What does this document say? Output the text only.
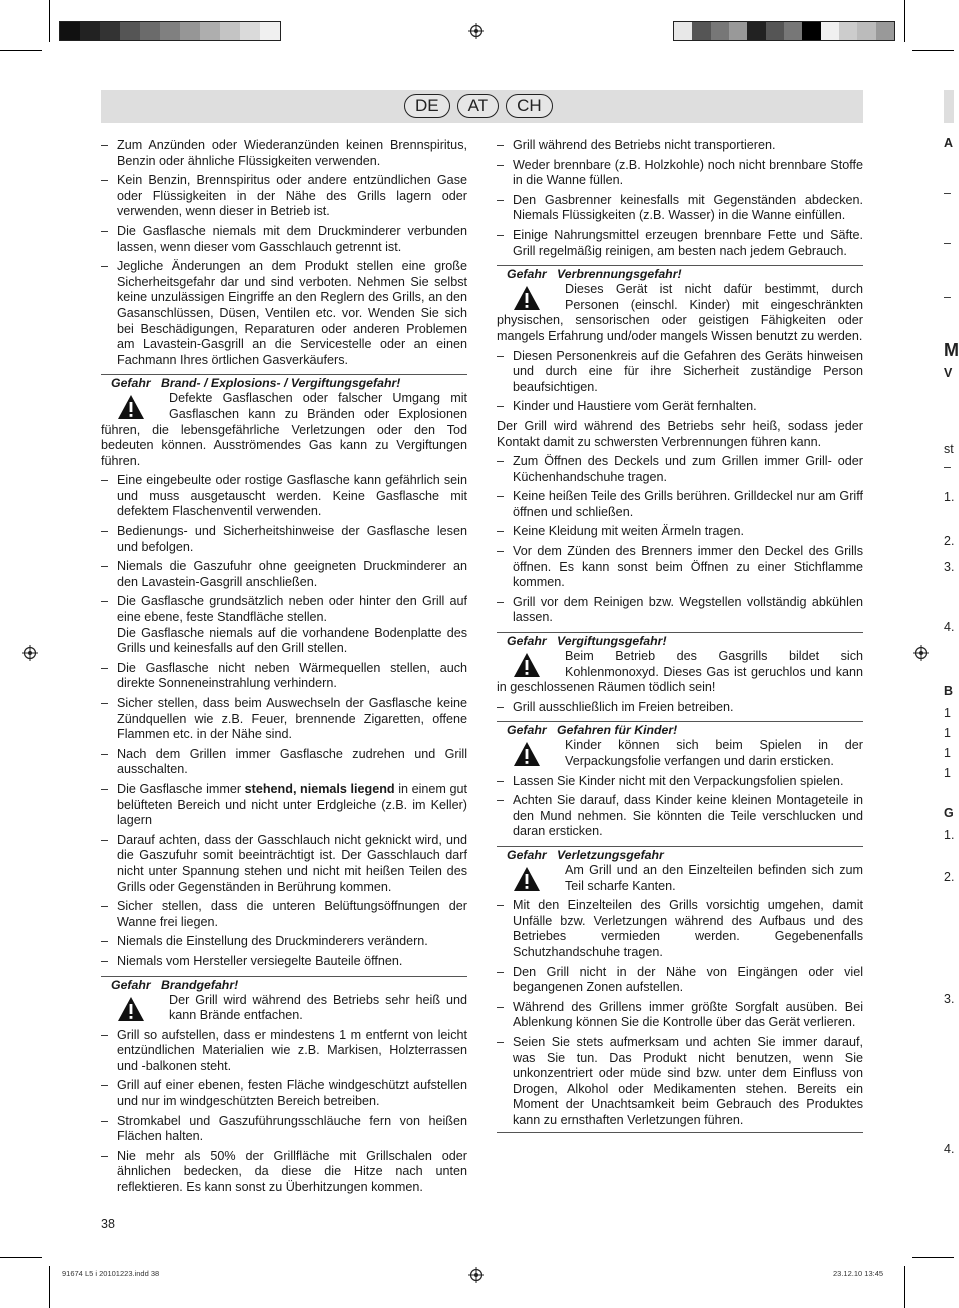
DE	AT	CH
– Zum Anzünden oder Wiederanzünden keinen Brennspiritus, Benzin oder ähnliche Flüssigkeiten verwenden.
– Kein Benzin, Brennspiritus oder andere entzündlichen Gase oder Flüssigkeiten in der Nähe des Grills lagern oder verwenden, wenn dieser in Betrieb ist.
– Die Gasflasche niemals mit dem Druckminderer verbunden lassen, wenn dieser vom Gasschlauch getrennt ist.
– Jegliche Änderungen an dem Produkt stellen eine große Sicherheitsgefahr dar und sind verboten. Nehmen Sie selbst keine unzulässigen Eingriffe an den Reglern des Grills, an den Gasanschlüssen, Düsen, Ventilen etc. vor. Wenden Sie sich bei Beschädigungen, Reparaturen oder anderen Problemen am Lavastein-Gasgrill an die Servicestelle oder an einen Fachmann Ihres örtlichen Gasverkäufers.
Gefahr Brand- / Explosions- / Vergiftungsgefahr!
Defekte Gasflaschen oder falscher Umgang mit Gasflaschen kann zu Bränden oder Explosionen führen, die lebensgefährliche Verletzungen oder den Tod bedeuten können. Ausströmendes Gas kann zu Vergiftungen führen.
– Eine eingebeulte oder rostige Gasflasche kann gefährlich sein und muss ausgetauscht werden. Keine Gasflasche mit defektem Flaschenventil verwenden.
– Bedienungs- und Sicherheitshinweise der Gasflasche lesen und befolgen.
– Niemals die Gaszufuhr ohne geeigneten Druckminderer an den Lavastein-Gasgrill anschließen.
– Die Gasflasche grundsätzlich neben oder hinter den Grill auf eine ebene, feste Standfläche stellen.
Die Gasflasche niemals auf die vorhandene Bodenplatte des Grills und keinesfalls auf den Grill stellen.
– Die Gasflasche nicht neben Wärmequellen stellen, auch direkte Sonneneinstrahlung verhindern.
– Sicher stellen, dass beim Auswechseln der Gasflasche keine Zündquellen wie z.B. Feuer, brennende Zigaretten, offene Flammen etc. in der Nähe sind.
– Nach dem Grillen immer Gasflasche zudrehen und Grill ausschalten.
– Die Gasflasche immer stehend, niemals liegend in einem gut belüfteten Bereich und nicht unter Erdgleiche (z.B. im Keller) lagern
– Darauf achten, dass der Gasschlauch nicht geknickt wird, und die Gaszufuhr somit beeinträchtigt ist. Der Gasschlauch darf nicht unter Spannung stehen und nicht mit heißen Teilen des Grills oder Gegenständen in Berührung kommen.
– Sicher stellen, dass die unteren Belüftungsöffnungen der Wanne frei liegen.
– Niemals die Einstellung des Druckminderers verändern.
– Niemals vom Hersteller versiegelte Bauteile öffnen.
Gefahr Brandgefahr!
Der Grill wird während des Betriebs sehr heiß und kann Brände entfachen.
– Grill so aufstellen, dass er mindestens 1 m entfernt von leicht entzündlichen Materialien wie z.B. Markisen, Holzterrassen und -balkonen steht.
– Grill auf einer ebenen, festen Fläche windgeschützt aufstellen und nur im windgeschützten Bereich betreiben.
– Stromkabel und Gaszuführungsschläuche fern von heißen Flächen halten.
– Nie mehr als 50% der Grillfläche mit Grillschalen oder ähnlichen bedecken, da diese die Hitze nach unten reflektieren. Es kann sonst zu Überhitzungen kommen.
– Grill während des Betriebs nicht transportieren.
– Weder brennbare (z.B. Holzkohle) noch nicht brennbare Stoffe in die Wanne füllen.
– Den Gasbrenner keinesfalls mit Gegenständen abdecken. Niemals Flüssigkeiten (z.B. Wasser) in die Wanne einfüllen.
– Einige Nahrungsmittel erzeugen brennbare Fette und Säfte. Grill regelmäßig reinigen, am besten nach jedem Gebrauch.
Gefahr Verbrennungsgefahr!
Dieses Gerät ist nicht dafür bestimmt, durch Personen (einschl. Kinder) mit eingeschränkten physischen, sensorischen oder geistigen Fähigkeiten oder mangels Erfahrung und/oder mangels Wissen benutzt zu werden.
– Diesen Personenkreis auf die Gefahren des Geräts hinweisen und durch eine für ihre Sicherheit zuständige Person beaufsichtigen.
– Kinder und Haustiere vom Gerät fernhalten.
Der Grill wird während des Betriebs sehr heiß, sodass jeder Kontakt damit zu schwersten Verbrennungen führen kann.
– Zum Öffnen des Deckels und zum Grillen immer Grill- oder Küchenhandschuhe tragen.
– Keine heißen Teile des Grills berühren. Grilldeckel nur am Griff öffnen und schließen.
– Keine Kleidung mit weiten Ärmeln tragen.
– Vor dem Zünden des Brenners immer den Deckel des Grills öffnen. Es kann sonst beim Öffnen zu einer Stichflamme kommen.
– Grill vor dem Reinigen bzw. Wegstellen vollständig abkühlen lassen.
Gefahr Vergiftungsgefahr!
Beim Betrieb des Gasgrills bildet sich Kohlenmonoxyd. Dieses Gas ist geruchlos und kann in geschlossenen Räumen tödlich sein!
– Grill ausschließlich im Freien betreiben.
Gefahr Gefahren für Kinder!
Kinder können sich beim Spielen in der Verpackungsfolie verfangen und darin ersticken.
– Lassen Sie Kinder nicht mit den Verpackungsfolien spielen.
– Achten Sie darauf, dass Kinder keine kleinen Montageteile in den Mund nehmen. Sie könnten die Teile verschlucken und daran ersticken.
Gefahr Verletzungsgefahr
Am Grill und an den Einzelteilen befinden sich zum Teil scharfe Kanten.
– Mit den Einzelteilen des Grills vorsichtig umgehen, damit Unfälle bzw. Verletzungen während des Aufbaus und des Betriebes vermieden werden. Gegebenenfalls Schutzhandschuhe tragen.
– Den Grill nicht in der Nähe von Eingängen oder viel begangenen Zonen aufstellen.
– Während des Grillens immer größte Sorgfalt ausüben. Bei Ablenkung können Sie die Kontrolle über das Gerät verlieren.
– Seien Sie stets aufmerksam und achten Sie immer darauf, was Sie tun. Das Produkt nicht benutzen, wenn Sie unkonzentriert oder müde sind bzw. unter dem Einfluss von Drogen, Alkohol oder Medikamenten stehen. Bereits ein Moment der Unachtsamkeit beim Gebrauch des Produktes kann zu ernsthaften Verletzungen führen.
A
–
–
–
M
V
st
–
1.
2.
3.
4.
B
1
1
1
1
G
1.
2.
3.
4.
38
91674 L5 i 20101223.indd 38	23.12.10 13:45
